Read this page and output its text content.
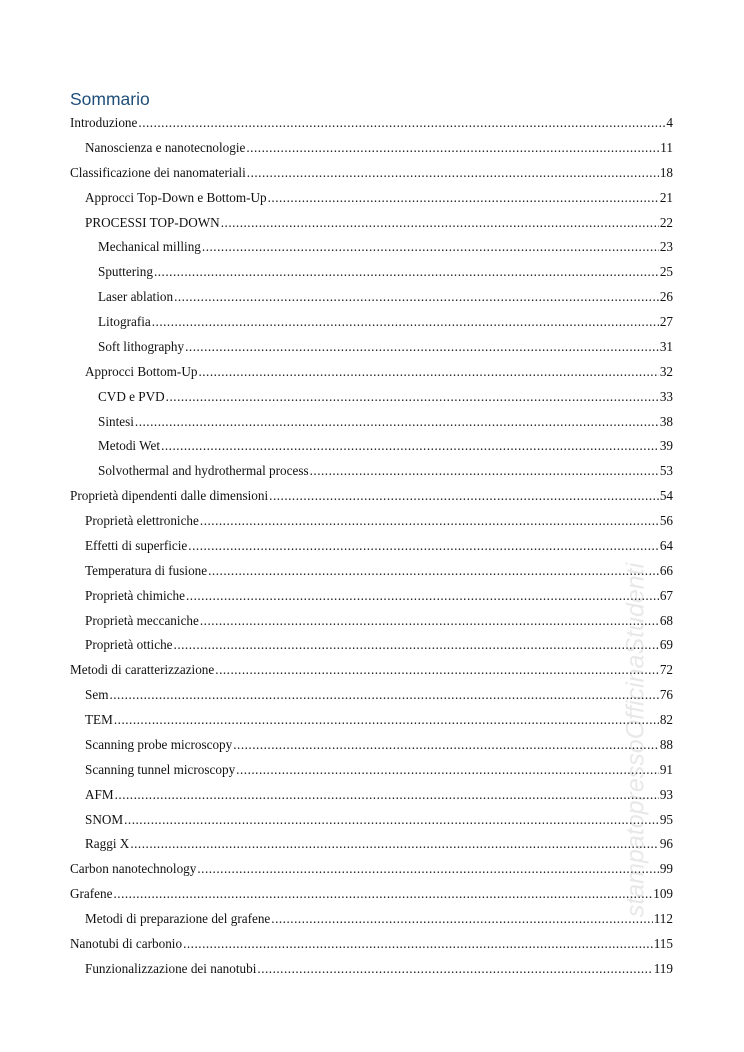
Sommario
Introduzione .....	4
Nanoscienza e nanotecnologie .....	11
Classificazione dei nanomateriali .....	18
Approcci Top-Down e Bottom-Up .....	21
PROCESSI TOP-DOWN .....	22
Mechanical milling .....	23
Sputtering .....	25
Laser ablation .....	26
Litografia .....	27
Soft lithography .....	31
Approcci Bottom-Up .....	32
CVD e PVD .....	33
Sintesi .....	38
Metodi Wet .....	39
Solvothermal and hydrothermal process .....	53
Proprietà dipendenti dalle dimensioni .....	54
Proprietà elettroniche .....	56
Effetti di superficie .....	64
Temperatura di fusione .....	66
Proprietà chimiche .....	67
Proprietà meccaniche .....	68
Proprietà ottiche .....	69
Metodi di caratterizzazione .....	72
Sem .....	76
TEM .....	82
Scanning probe microscopy .....	88
Scanning tunnel microscopy .....	91
AFM .....	93
SNOM .....	95
Raggi X .....	96
Carbon nanotechnology .....	99
Grafene .....	109
Metodi di preparazione del grafene .....	112
Nanotubi di carbonio .....	115
Funzionalizzazione dei nanotubi .....	119
stampatopressoOfficinaStudenti
